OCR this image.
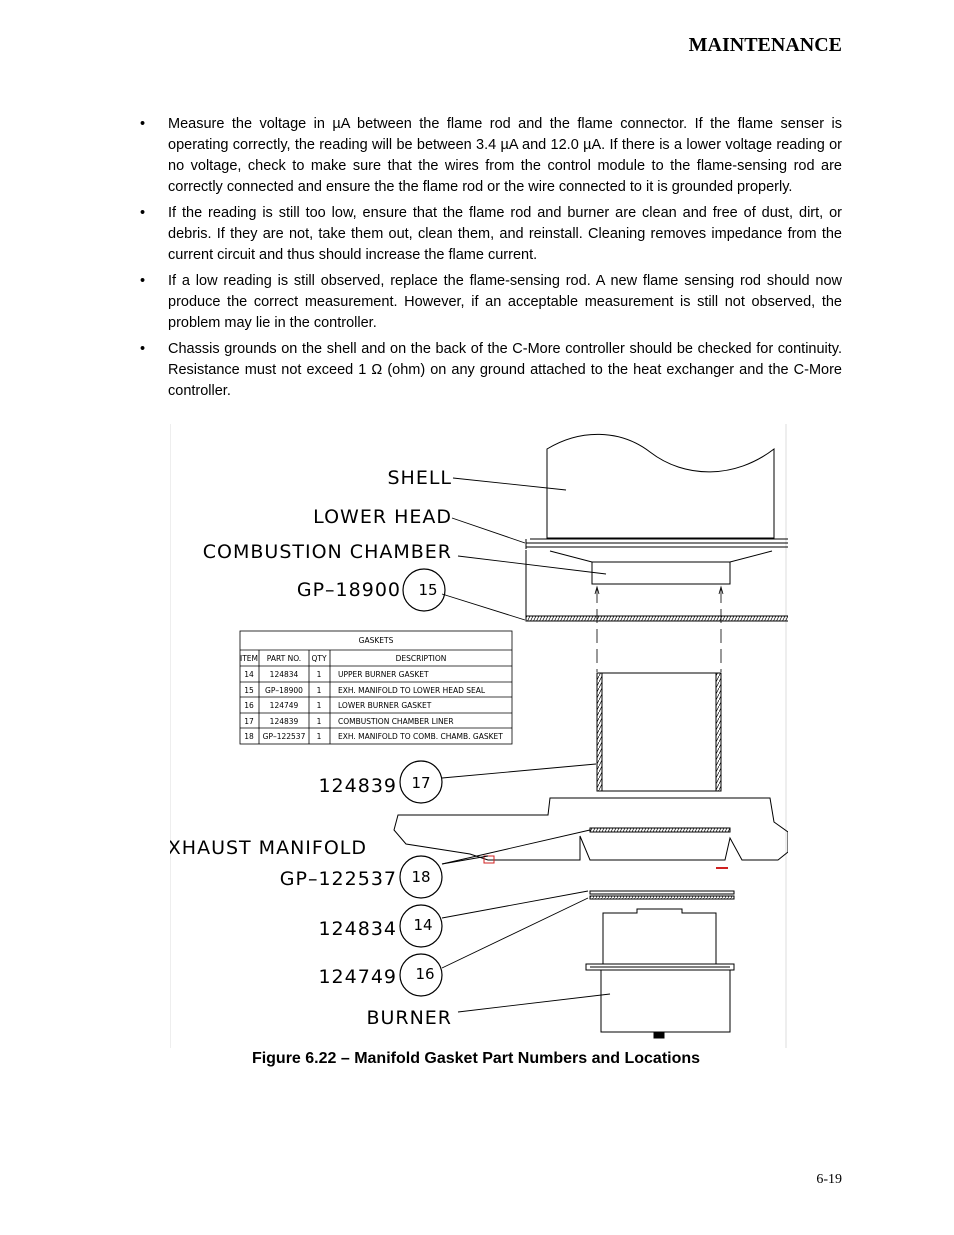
MAINTENANCE
• Measure the voltage in µA between the flame rod and the flame connector. If the flame senser is operating correctly, the reading will be between 3.4 µA and 12.0 µA. If there is a lower voltage reading or no voltage, check to make sure that the wires from the control module to the flame-sensing rod are correctly connected and ensure the the flame rod or the wire connected to it is grounded properly.
• If the reading is still too low, ensure that the flame rod and burner are clean and free of dust, dirt, or debris. If they are not, take them out, clean them, and reinstall. Cleaning removes impedance from the current circuit and thus should increase the flame current.
• If a low reading is still observed, replace the flame-sensing rod. A new flame sensing rod should now produce the correct measurement. However, if an acceptable measurement is still not observed, the problem may lie in the controller.
• Chassis grounds on the shell and on the back of the C-More controller should be checked for continuity. Resistance must not exceed 1 Ω (ohm) on any ground attached to the heat exchanger and the C-More controller.
15
17
18
14
16
SHELL
LOWER HEAD
COMBUSTION CHAMBER
GP–18900
124839
EXHAUST MANIFOLD
GP–122537
124834
124749
BURNER
GASKETS
ITEM PART NO. QTY	DESCRIPTION
14 124834 1 UPPER BURNER GASKET
15 GP–18900 1 EXH. MANIFOLD TO LOWER HEAD SEAL
16 124749 1 LOWER BURNER GASKET
17 124839 1 COMBUSTION CHAMBER LINER
18 GP–122537 1 EXH. MANIFOLD TO COMB. CHAMB. GASKET
Figure 6.22 – Manifold Gasket Part Numbers and Locations
6-19
